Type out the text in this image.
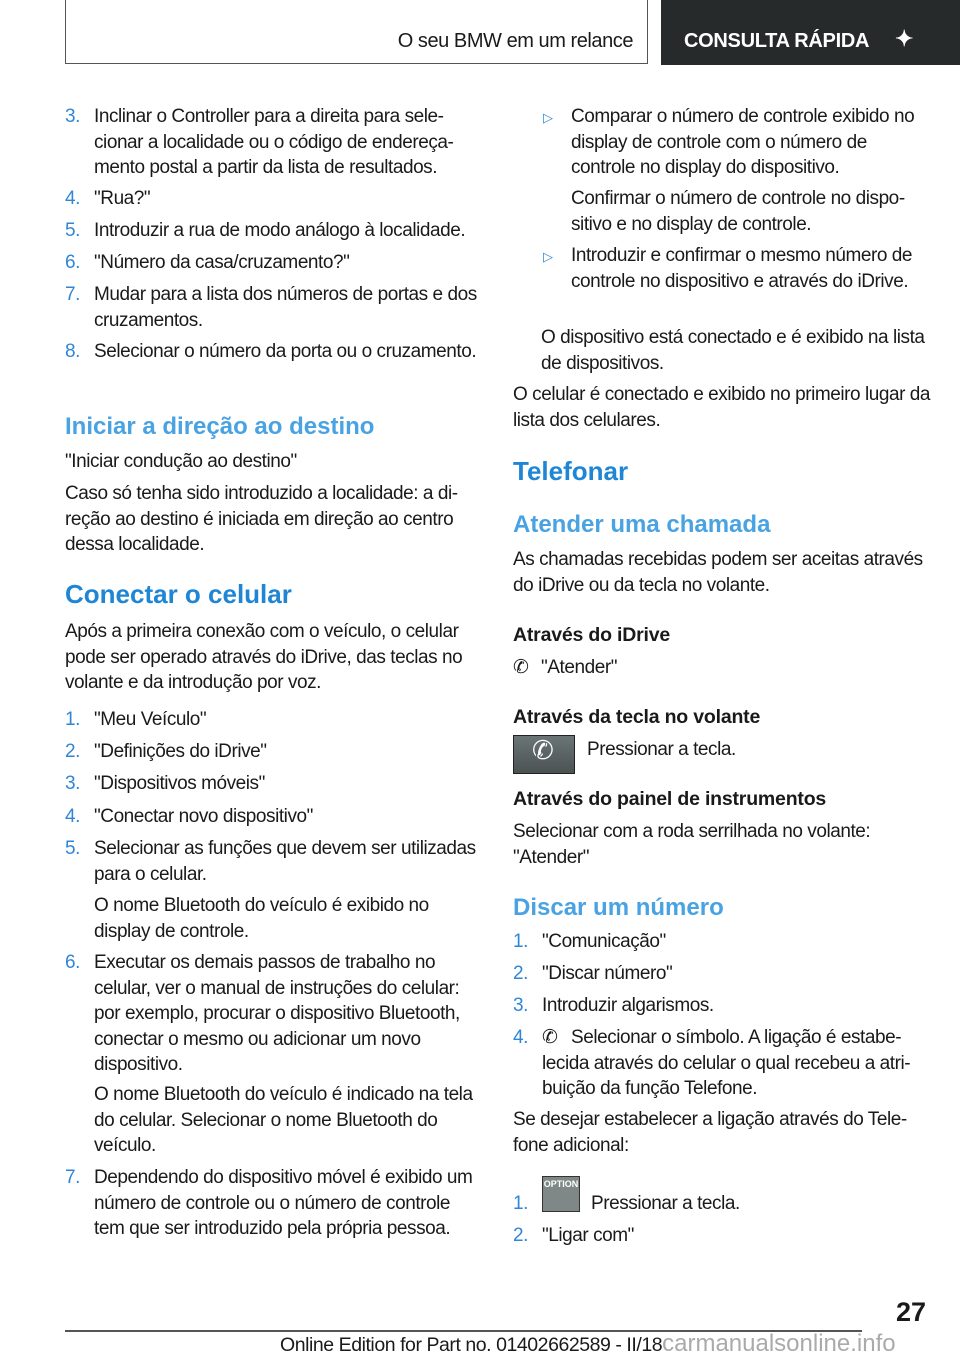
O seu BMW em um relance	CONSULTA RÁPIDA ✦
3. Inclinar o Controller para a direita para selecionar a localidade ou o código de endereçamento postal a partir da lista de resultados.
4. "Rua?"
5. Introduzir a rua de modo análogo à localidade.
6. "Número da casa/cruzamento?"
7. Mudar para a lista dos números de portas e dos cruzamentos.
8. Selecionar o número da porta ou o cruzamento.
Iniciar a direção ao destino
"Iniciar condução ao destino"
Caso só tenha sido introduzido a localidade: a direção ao destino é iniciada em direção ao centro dessa localidade.
Conectar o celular
Após a primeira conexão com o veículo, o celular pode ser operado através do iDrive, das teclas no volante e da introdução por voz.
1. "Meu Veículo"
2. "Definições do iDrive"
3. "Dispositivos móveis"
4. "Conectar novo dispositivo"
5. Selecionar as funções que devem ser utilizadas para o celular.
O nome Bluetooth do veículo é exibido no display de controle.
6. Executar os demais passos de trabalho no celular, ver o manual de instruções do celular: por exemplo, procurar o dispositivo Bluetooth, conectar o mesmo ou adicionar um novo dispositivo.
O nome Bluetooth do veículo é indicado na tela do celular. Selecionar o nome Bluetooth do veículo.
7. Dependendo do dispositivo móvel é exibido um número de controle ou o número de controle tem que ser introduzido pela própria pessoa.
▷ Comparar o número de controle exibido no display de controle com o número de controle no display do dispositivo.
Confirmar o número de controle no dispositivo e no display de controle.
▷ Introduzir e confirmar o mesmo número de controle no dispositivo e através do iDrive.
O dispositivo está conectado e é exibido na lista de dispositivos.
O celular é conectado e exibido no primeiro lugar da lista dos celulares.
Telefonar
Atender uma chamada
As chamadas recebidas podem ser aceitas através do iDrive ou da tecla no volante.
Através do iDrive
✆ "Atender"
Através da tecla no volante
✆ Pressionar a tecla.
Através do painel de instrumentos
Selecionar com a roda serrilhada no volante: "Atender"
Discar um número
1. "Comunicação"
2. "Discar número"
3. Introduzir algarismos.
4. ✆ Selecionar o símbolo. A ligação é estabelecida através do celular o qual recebeu a atribuição da função Telefone.
Se desejar estabelecer a ligação através do Telefone adicional:
1.
OPTION
Pressionar a tecla.
2. "Ligar com"
27
Online Edition for Part no. 01402662589 - II/18carmanualsonline.info
